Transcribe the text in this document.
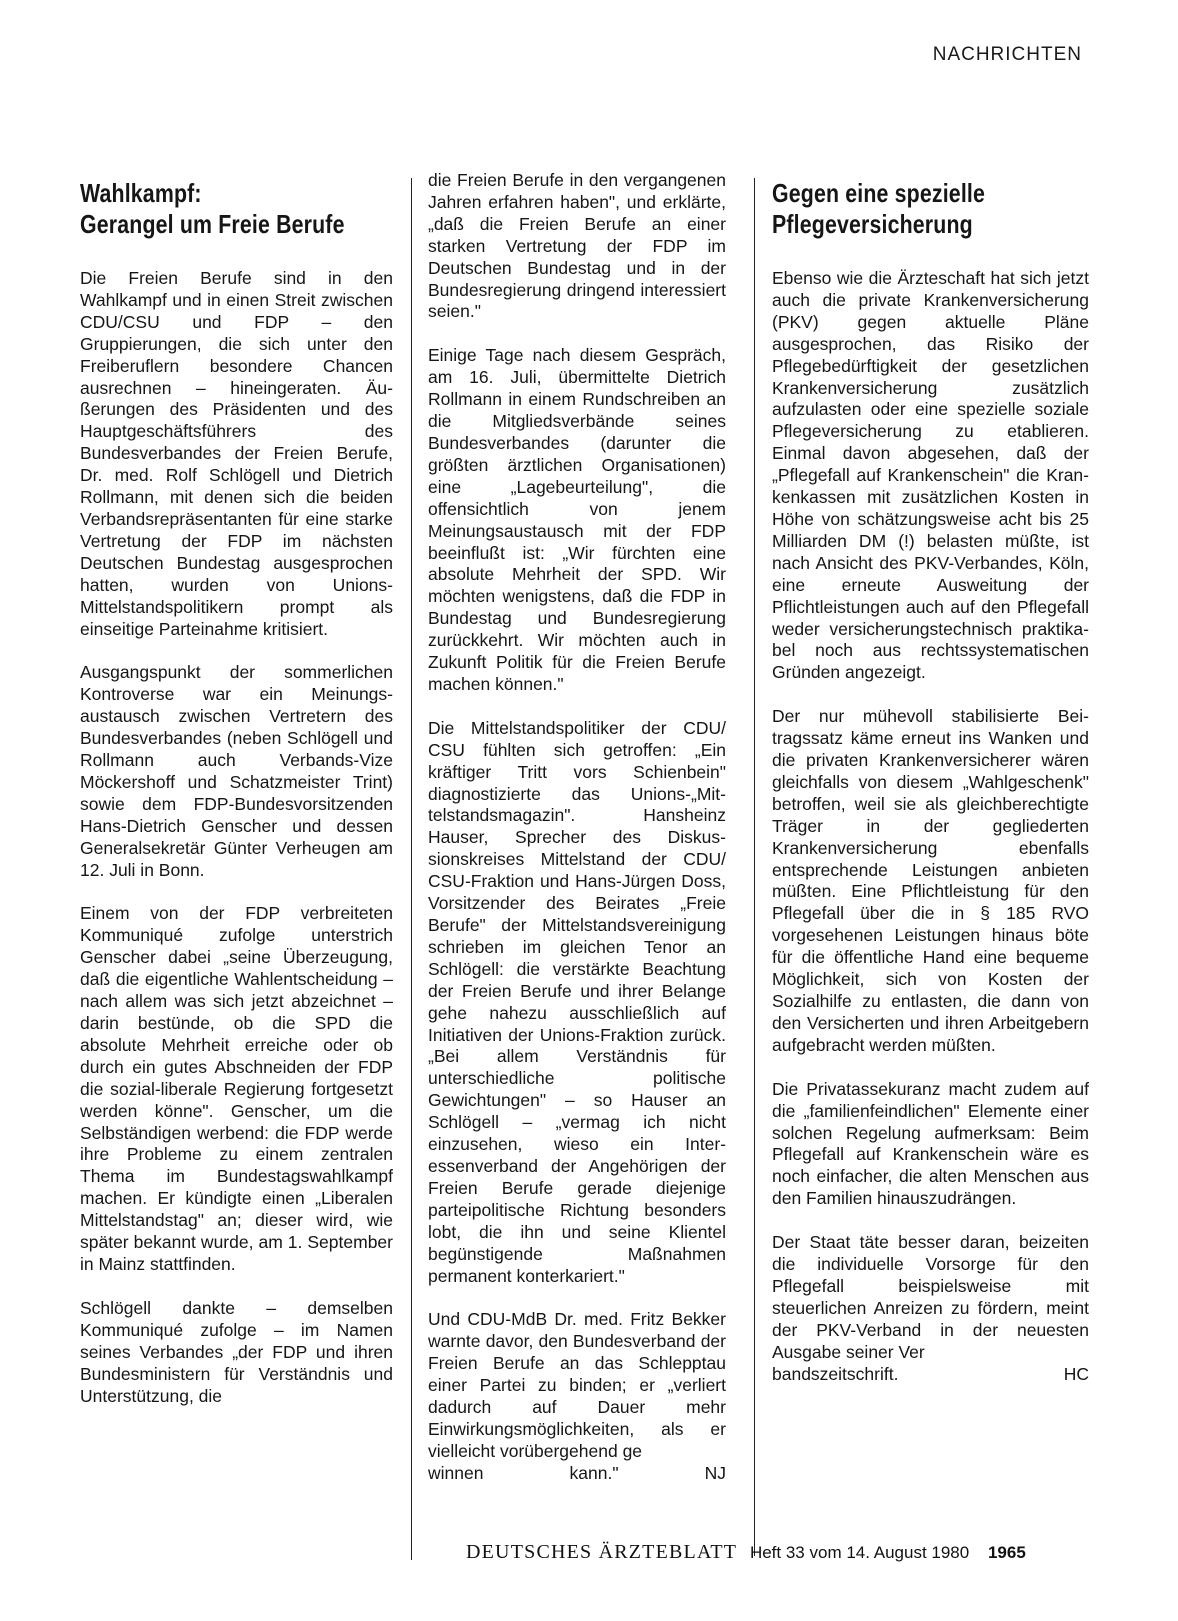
NACHRICHTEN
Wahlkampf:
Gerangel um Freie Berufe

Die Freien Berufe sind in den Wahlkampf und in einen Streit zwischen CDU/CSU und FDP – den Gruppierungen, die sich unter den Freiberuflern besondere Chancen ausrechnen – hineingeraten. Äußerungen des Präsidenten und des Hauptgeschäftsführers des Bundesverbandes der Freien Berufe, Dr. med. Rolf Schlögell und Dietrich Rollmann, mit denen sich die beiden Verbandsrepräsentanten für eine starke Vertretung der FDP im nächsten Deutschen Bundestag ausgesprochen hatten, wurden von Unions-Mittelstandspolitikern prompt als einseitige Parteinahme kritisiert.

Ausgangspunkt der sommerlichen Kontroverse war ein Meinungsaustausch zwischen Vertretern des Bundesverbandes (neben Schlögell und Rollmann auch Verbands-Vize Möckershoff und Schatzmeister Trint) sowie dem FDP-Bundesvorsitzenden Hans-Dietrich Genscher und dessen Generalsekretär Günter Verheugen am 12. Juli in Bonn.

Einem von der FDP verbreiteten Kommuniqué zufolge unterstrich Genscher dabei „seine Überzeugung, daß die eigentliche Wahlentscheidung – nach allem was sich jetzt abzeichnet – darin bestünde, ob die SPD die absolute Mehrheit erreiche oder ob durch ein gutes Abschneiden der FDP die sozial-liberale Regierung fortgesetzt werden könne". Genscher, um die Selbständigen werbend: die FDP werde ihre Probleme zu einem zentralen Thema im Bundestagswahlkampf machen. Er kündigte einen „Liberalen Mittelstandstag" an; dieser wird, wie später bekannt wurde, am 1. September in Mainz stattfinden.

Schlögell dankte – demselben Kommuniqué zufolge – im Namen seines Verbandes „der FDP und ihren Bundesministern für Verständnis und Unterstützung, die

die Freien Berufe in den vergangenen Jahren erfahren haben", und erklärte, „daß die Freien Berufe an einer starken Vertretung der FDP im Deutschen Bundestag und in der Bundesregierung dringend interessiert seien."

Einige Tage nach diesem Gespräch, am 16. Juli, übermittelte Dietrich Rollmann in einem Rundschreiben an die Mitgliedsverbände seines Bundesverbandes (darunter die größten ärztlichen Organisationen) eine „Lagebeurteilung", die offensichtlich von jenem Meinungsaustausch mit der FDP beeinflußt ist: „Wir fürchten eine absolute Mehrheit der SPD. Wir möchten wenigstens, daß die FDP in Bundestag und Bundesregierung zurückkehrt. Wir möchten auch in Zukunft Politik für die Freien Berufe machen können."

Die Mittelstandspolitiker der CDU/ CSU fühlten sich getroffen: „Ein kräftiger Tritt vors Schienbein" diagnostizierte das Unions-„Mittelstandsmagazin". Hansheinz Hauser, Sprecher des Diskussionskreises Mittelstand der CDU/ CSU-Fraktion und Hans-Jürgen Doss, Vorsitzender des Beirates „Freie Berufe" der Mittelstandsvereinigung schrieben im gleichen Tenor an Schlögell: die verstärkte Beachtung der Freien Berufe und ihrer Belange gehe nahezu ausschließlich auf Initiativen der Unions-Fraktion zurück. „Bei allem Verständnis für unterschiedliche politische Gewichtungen" – so Hauser an Schlögell – „vermag ich nicht einzusehen, wieso ein Interessenverband der Angehörigen der Freien Berufe gerade diejenige parteipolitische Richtung besonders lobt, die ihn und seine Klientel begünstigende Maßnahmen permanent konterkariert."

Und CDU-MdB Dr. med. Fritz Bekker warnte davor, den Bundesverband der Freien Berufe an das Schlepptau einer Partei zu binden; er „verliert dadurch auf Dauer mehr Einwirkungsmöglichkeiten, als er vielleicht vorübergehend ge
winnen kann."	NJ

Gegen eine spezielle
Pflegeversicherung

Ebenso wie die Ärzteschaft hat sich jetzt auch die private Krankenversicherung (PKV) gegen aktuelle Pläne ausgesprochen, das Risiko der Pflegebedürftigkeit der gesetzlichen Krankenversicherung zusätzlich aufzulasten oder eine spezielle soziale Pflegeversicherung zu etablieren. Einmal davon abgesehen, daß der „Pflegefall auf Krankenschein" die Krankenkassen mit zusätzlichen Kosten in Höhe von schätzungsweise acht bis 25 Milliarden DM (!) belasten müßte, ist nach Ansicht des PKV-Verbandes, Köln, eine erneute Ausweitung der Pflichtleistungen auch auf den Pflegefall weder versicherungstechnisch praktikabel noch aus rechtssystematischen Gründen angezeigt.

Der nur mühevoll stabilisierte Beitragssatz käme erneut ins Wanken und die privaten Krankenversicherer wären gleichfalls von diesem „Wahlgeschenk" betroffen, weil sie als gleichberechtigte Träger in der gegliederten Krankenversicherung ebenfalls entsprechende Leistungen anbieten müßten. Eine Pflichtleistung für den Pflegefall über die in § 185 RVO vorgesehenen Leistungen hinaus böte für die öffentliche Hand eine bequeme Möglichkeit, sich von Kosten der Sozialhilfe zu entlasten, die dann von den Versicherten und ihren Arbeitgebern aufgebracht werden müßten.

Die Privatassekuranz macht zudem auf die „familienfeindlichen" Elemente einer solchen Regelung aufmerksam: Beim Pflegefall auf Krankenschein wäre es noch einfacher, die alten Menschen aus den Familien hinauszudrängen.

Der Staat täte besser daran, beizeiten die individuelle Vorsorge für den Pflegefall beispielsweise mit steuerlichen Anreizen zu fördern, meint der PKV-Verband in der neuesten Ausgabe seiner Ver
bandszeitschrift.	HC

DEUTSCHES ÄRZTEBLATT Heft 33 vom 14. August 1980 1965
